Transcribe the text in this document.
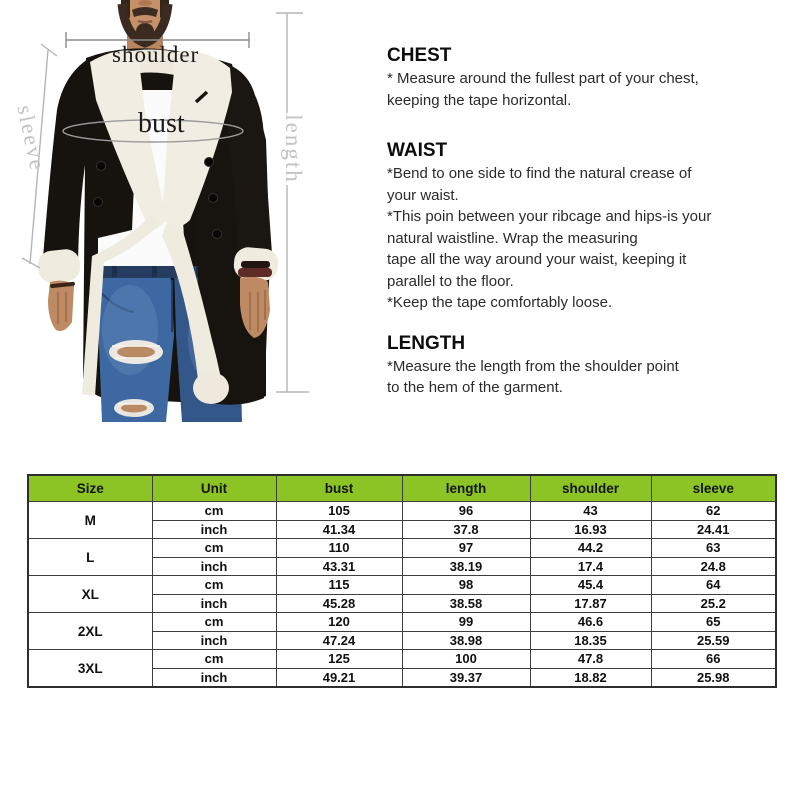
shoulder
bust
sleeve	length
CHEST
* Measure around the fullest part of your chest,
keeping the tape horizontal.
WAIST
*Bend to one side to find the natural crease of
your waist.
*This poin between your ribcage and hips-is your
natural waistline. Wrap the measuring
tape all the way around your waist, keeping it
parallel to the floor.
*Keep the tape comfortably loose.
LENGTH
*Measure the length from the shoulder point
to the hem of the garment.
Size	Unit	bust	length	shoulder	sleeve
M	cm	105	96	43	62
	inch	41.34	37.8	16.93	24.41
L	cm	110	97	44.2	63
	inch	43.31	38.19	17.4	24.8
XL	cm	115	98	45.4	64
	inch	45.28	38.58	17.87	25.2
2XL	cm	120	99	46.6	65
	inch	47.24	38.98	18.35	25.59
3XL	cm	125	100	47.8	66
	inch	49.21	39.37	18.82	25.98
